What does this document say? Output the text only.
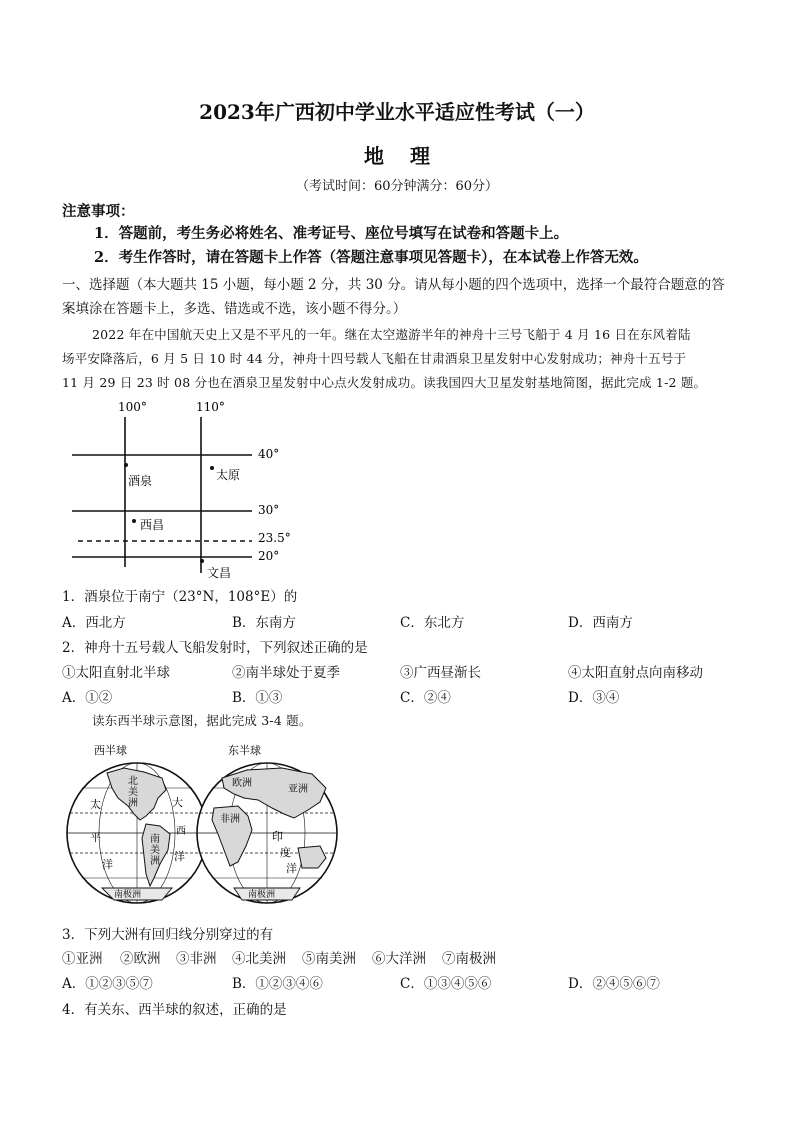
2023年广西初中学业水平适应性考试（一）
地理
（考试时间：60分钟满分：60分）
注意事项：
1．答题前，考生务必将姓名、准考证号、座位号填写在试卷和答题卡上。
2．考生作答时，请在答题卡上作答（答题注意事项见答题卡），在本试卷上作答无效。
一、选择题（本大题共 15 小题，每小题 2 分，共 30 分。请从每小题的四个选项中，选择一个最符合题意的答
案填涂在答题卡上，多选、错选或不选，该小题不得分。）
2022 年在中国航天史上又是不平凡的一年。继在太空遨游半年的神舟十三号飞船于 4 月 16 日在东风着陆
场平安降落后，6 月 5 日 10 时 44 分，神舟十四号载人飞船在甘肃酒泉卫星发射中心发射成功；神舟十五号于
11 月 29 日 23 时 08 分也在酒泉卫星发射中心点火发射成功。读我国四大卫星发射基地简图，据此完成 1-2 题。
100°	110°
40°
30°
23.5°
20°
酒泉	太原
西昌
文昌
1．酒泉位于南宁（23°N，108°E）的
A．西北方	B．东南方	C．东北方	D．西南方
2．神舟十五号载人飞船发射时，下列叙述正确的是
①太阳直射北半球	②南半球处于夏季	③广西昼渐长	④太阳直射点向南移动
A．①②	B．①③	C．②④	D．③④
读东西半球示意图，据此完成 3-4 题。
西半球	东半球
北
美
洲
太	大
西
平	南
美
洲
洋
洋
南极洲
亚洲
欧洲
非洲
印
度
洋
南极洲
3．下列大洲有回归线分别穿过的有
①亚洲 ②欧洲 ③非洲 ④北美洲 ⑤南美洲 ⑥大洋洲 ⑦南极洲
A．①②③⑤⑦	B．①②③④⑥	C．①③④⑤⑥	D．②④⑤⑥⑦
4．有关东、西半球的叙述，正确的是
